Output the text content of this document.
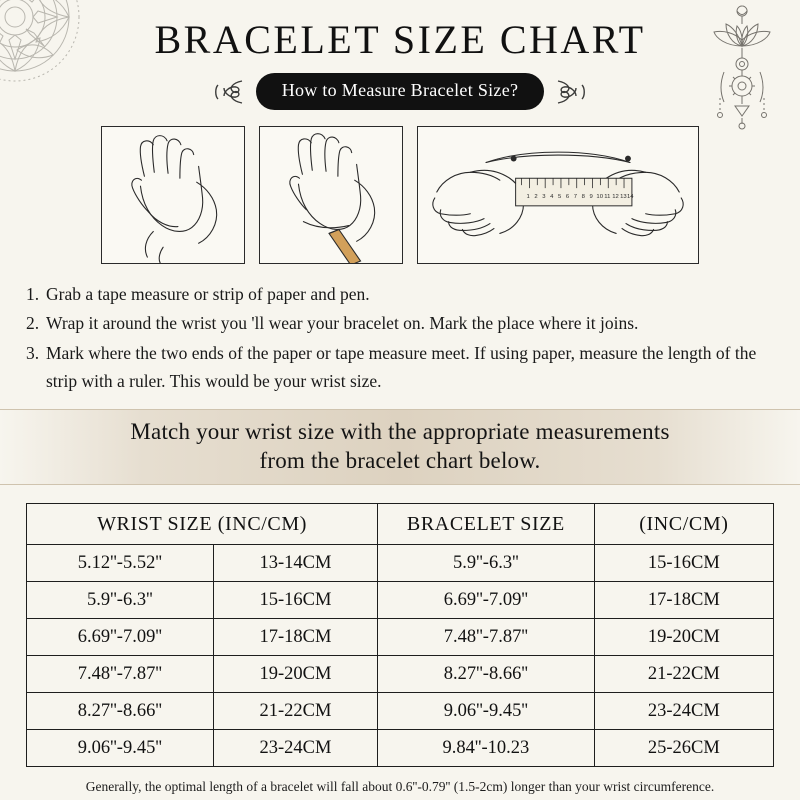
BRACELET SIZE CHART
How to Measure Bracelet Size?
1 2 3 4 5 6 7 8 9 10 11 12 13 14
1. Grab a tape measure or strip of paper and pen.
2. Wrap it around the wrist you 'll wear your bracelet on. Mark the place where it joins.
3. Mark where the two ends of the paper or tape measure meet. If using paper, measure the length of the strip with a ruler. This would be your wrist size.
Match your wrist size with the appropriate measurements
from the bracelet chart below.
WRIST SIZE (INC/CM)		BRACELET SIZE	(INC/CM)
5.12''-5.52''	13-14CM	5.9''-6.3''	15-16CM
5.9''-6.3''	15-16CM	6.69''-7.09''	17-18CM
6.69''-7.09''	17-18CM	7.48''-7.87''	19-20CM
7.48''-7.87''	19-20CM	8.27''-8.66''	21-22CM
8.27''-8.66''	21-22CM	9.06''-9.45''	23-24CM
9.06''-9.45''	23-24CM	9.84''-10.23	25-26CM
Generally, the optimal length of a bracelet will fall about 0.6''-0.79'' (1.5-2cm) longer than your wrist circumference.
